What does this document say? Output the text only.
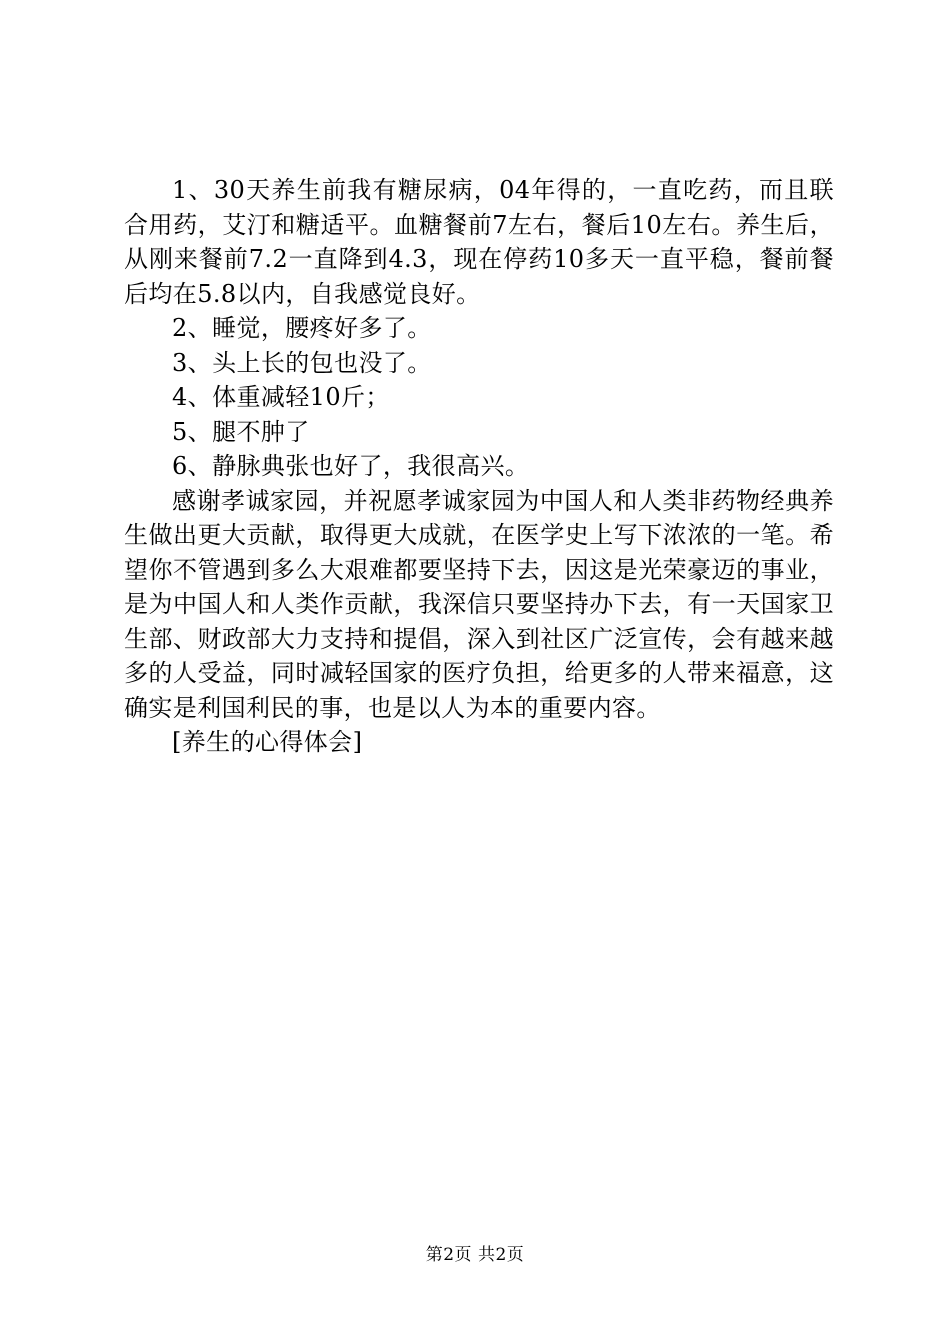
1、30天养生前我有糖尿病，04年得的，一直吃药，而且联合用药，艾汀和糖适平。血糖餐前7左右，餐后10左右。养生后，从刚来餐前7.2一直降到4.3，现在停药10多天一直平稳，餐前餐后均在5.8以内，自我感觉良好。

2、睡觉，腰疼好多了。

3、头上长的包也没了。

4、体重减轻10斤；

5、腿不肿了

6、静脉典张也好了，我很高兴。

感谢孝诚家园，并祝愿孝诚家园为中国人和人类非药物经典养生做出更大贡献，取得更大成就，在医学史上写下浓浓的一笔。希望你不管遇到多么大艰难都要坚持下去，因这是光荣豪迈的事业，是为中国人和人类作贡献，我深信只要坚持办下去，有一天国家卫生部、财政部大力支持和提倡，深入到社区广泛宣传，会有越来越多的人受益，同时减轻国家的医疗负担，给更多的人带来福意，这确实是利国利民的事，也是以人为本的重要内容。

[养生的心得体会]

第2页 共2页
